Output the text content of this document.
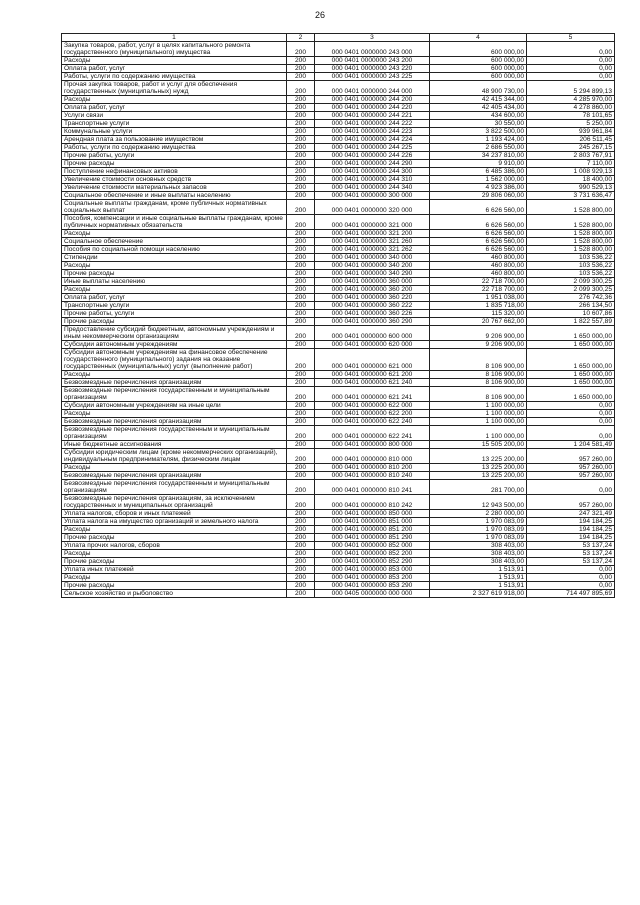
26
1	2	3	4	5
Закупка товаров, работ, услуг в целях капитального ремонта государственного (муниципального) имущества	200	000 0401 0000000 243 000	600 000,00	0,00
Расходы	200	000 0401 0000000 243 200	600 000,00	0,00
Оплата работ, услуг	200	000 0401 0000000 243 220	600 000,00	0,00
Работы, услуги по содержанию имущества	200	000 0401 0000000 243 225	600 000,00	0,00
Прочая закупка товаров, работ и услуг для обеспечения государственных (муниципальных) нужд	200	000 0401 0000000 244 000	48 900 730,00	5 294 899,13
Расходы	200	000 0401 0000000 244 200	42 415 344,00	4 285 970,00
Оплата работ, услуг	200	000 0401 0000000 244 220	42 405 434,00	4 278 860,00
Услуги связи	200	000 0401 0000000 244 221	434 600,00	78 101,65
Транспортные услуги	200	000 0401 0000000 244 222	30 550,00	5 250,00
Коммунальные услуги	200	000 0401 0000000 244 223	3 822 500,00	939 961,84
Арендная плата за пользование имуществом	200	000 0401 0000000 244 224	1 193 424,00	206 511,45
Работы, услуги по содержанию имущества	200	000 0401 0000000 244 225	2 686 550,00	245 267,15
Прочие работы, услуги	200	000 0401 0000000 244 226	34 237 810,00	2 803 767,91
Прочие расходы	200	000 0401 0000000 244 290	9 910,00	7 110,00
Поступление нефинансовых активов	200	000 0401 0000000 244 300	6 485 386,00	1 008 929,13
Увеличение стоимости основных средств	200	000 0401 0000000 244 310	1 562 000,00	18 400,00
Увеличение стоимости материальных запасов	200	000 0401 0000000 244 340	4 923 386,00	990 529,13
Социальное обеспечение и иные выплаты населению	200	000 0401 0000000 300 000	29 806 060,00	3 731 636,47
Социальные выплаты гражданам, кроме публичных нормативных социальных выплат	200	000 0401 0000000 320 000	6 626 560,00	1 528 800,00
Пособия, компенсации и иные социальные выплаты гражданам, кроме публичных нормативных обязательств	200	000 0401 0000000 321 000	6 626 560,00	1 528 800,00
Расходы	200	000 0401 0000000 321 200	6 626 560,00	1 528 800,00
Социальное обеспечение	200	000 0401 0000000 321 260	6 626 560,00	1 528 800,00
Пособия по социальной помощи населению	200	000 0401 0000000 321 262	6 626 560,00	1 528 800,00
Стипендии	200	000 0401 0000000 340 000	460 800,00	103 536,22
Расходы	200	000 0401 0000000 340 200	460 800,00	103 536,22
Прочие расходы	200	000 0401 0000000 340 290	460 800,00	103 536,22
Иные выплаты населению	200	000 0401 0000000 360 000	22 718 700,00	2 099 300,25
Расходы	200	000 0401 0000000 360 200	22 718 700,00	2 099 300,25
Оплата работ, услуг	200	000 0401 0000000 360 220	1 951 038,00	276 742,36
Транспортные услуги	200	000 0401 0000000 360 222	1 835 718,00	266 134,50
Прочие работы, услуги	200	000 0401 0000000 360 226	115 320,00	10 607,86
Прочие расходы	200	000 0401 0000000 360 290	20 767 662,00	1 822 557,89
Предоставление субсидий бюджетным, автономным учреждениям и иным некоммерческим организациям	200	000 0401 0000000 600 000	9 206 900,00	1 650 000,00
Субсидии автономным учреждениям	200	000 0401 0000000 620 000	9 206 900,00	1 650 000,00
Субсидии автономным учреждениям на финансовое обеспечение государственного (муниципального) задания на оказание государственных (муниципальных) услуг (выполнение работ)	200	000 0401 0000000 621 000	8 106 900,00	1 650 000,00
Расходы	200	000 0401 0000000 621 200	8 106 900,00	1 650 000,00
Безвозмездные перечисления организациям	200	000 0401 0000000 621 240	8 106 900,00	1 650 000,00
Безвозмездные перечисления государственным и муниципальным организациям	200	000 0401 0000000 621 241	8 106 900,00	1 650 000,00
Субсидии автономным учреждениям на иные цели	200	000 0401 0000000 622 000	1 100 000,00	0,00
Расходы	200	000 0401 0000000 622 200	1 100 000,00	0,00
Безвозмездные перечисления организациям	200	000 0401 0000000 622 240	1 100 000,00	0,00
Безвозмездные перечисления государственным и муниципальным организациям	200	000 0401 0000000 622 241	1 100 000,00	0,00
Иные бюджетные ассигнования	200	000 0401 0000000 800 000	15 505 200,00	1 204 581,49
Субсидии юридическим лицам (кроме некоммерческих организаций), индивидуальным предпринимателям, физическим лицам	200	000 0401 0000000 810 000	13 225 200,00	957 260,00
Расходы	200	000 0401 0000000 810 200	13 225 200,00	957 260,00
Безвозмездные перечисления организациям	200	000 0401 0000000 810 240	13 225 200,00	957 260,00
Безвозмездные перечисления государственным и муниципальным организациям	200	000 0401 0000000 810 241	281 700,00	0,00
Безвозмездные перечисления организациям, за исключением государственных и муниципальных организаций	200	000 0401 0000000 810 242	12 943 500,00	957 260,00
Уплата налогов, сборов и иных платежей	200	000 0401 0000000 850 000	2 280 000,00	247 321,49
Уплата налога на имущество организаций и земельного налога	200	000 0401 0000000 851 000	1 970 083,09	194 184,25
Расходы	200	000 0401 0000000 851 200	1 970 083,09	194 184,25
Прочие расходы	200	000 0401 0000000 851 290	1 970 083,09	194 184,25
Уплата прочих налогов, сборов	200	000 0401 0000000 852 000	308 403,00	53 137,24
Расходы	200	000 0401 0000000 852 200	308 403,00	53 137,24
Прочие расходы	200	000 0401 0000000 852 290	308 403,00	53 137,24
Уплата иных платежей	200	000 0401 0000000 853 000	1 513,91	0,00
Расходы	200	000 0401 0000000 853 200	1 513,91	0,00
Прочие расходы	200	000 0401 0000000 853 290	1 513,91	0,00
Сельское хозяйство и рыболовство	200	000 0405 0000000 000 000	2 327 619 918,00	714 497 895,69
